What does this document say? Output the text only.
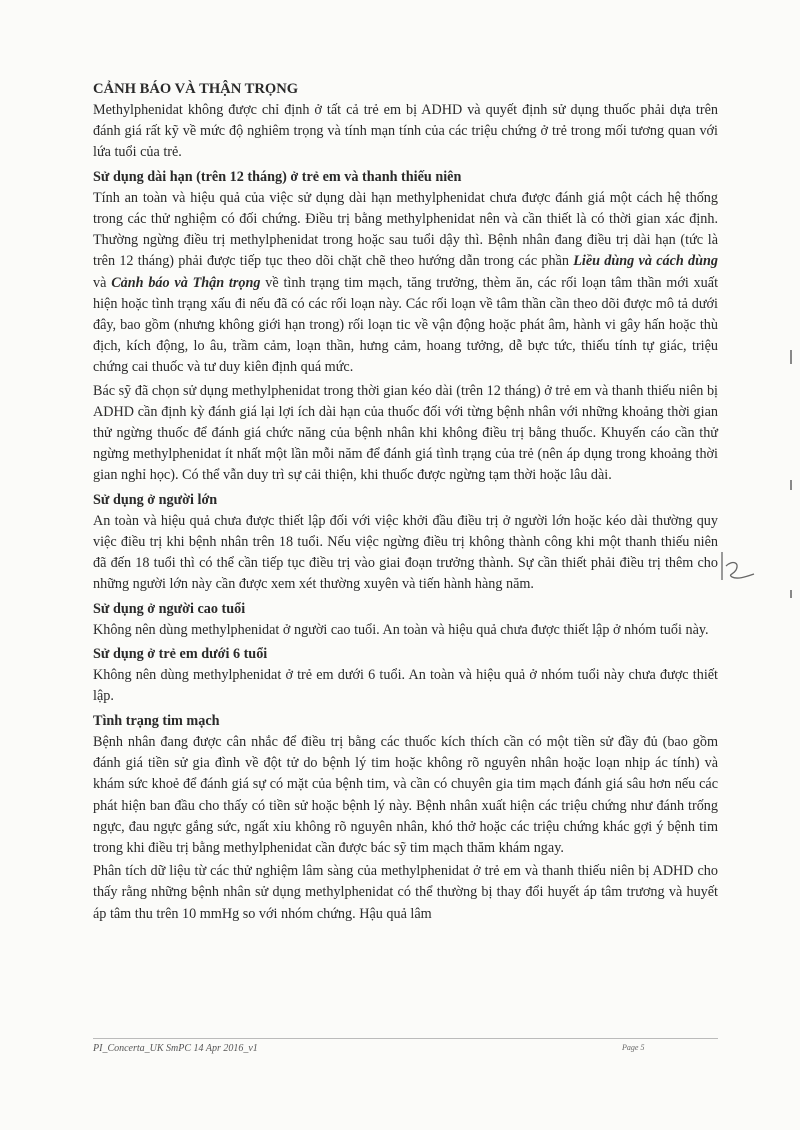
CẢNH BÁO VÀ THẬN TRỌNG

Methylphenidat không được chỉ định ở tất cả trẻ em bị ADHD và quyết định sử dụng thuốc phải dựa trên đánh giá rất kỹ về mức độ nghiêm trọng và tính mạn tính của các triệu chứng ở trẻ trong mối tương quan với lứa tuổi của trẻ.

Sử dụng dài hạn (trên 12 tháng) ở trẻ em và thanh thiếu niên

Tính an toàn và hiệu quả của việc sử dụng dài hạn methylphenidat chưa được đánh giá một cách hệ thống trong các thử nghiệm có đối chứng. Điều trị bằng methylphenidat nên và cần thiết là có thời gian xác định. Thường ngừng điều trị methylphenidat trong hoặc sau tuổi dậy thì. Bệnh nhân đang điều trị dài hạn (tức là trên 12 tháng) phải được tiếp tục theo dõi chặt chẽ theo hướng dẫn trong các phần Liều dùng và cách dùng và Cảnh báo và Thận trọng về tình trạng tim mạch, tăng trưởng, thèm ăn, các rối loạn tâm thần mới xuất hiện hoặc tình trạng xấu đi nếu đã có các rối loạn này. Các rối loạn về tâm thần cần theo dõi được mô tả dưới đây, bao gồm (nhưng không giới hạn trong) rối loạn tic về vận động hoặc phát âm, hành vi gây hấn hoặc thù địch, kích động, lo âu, trầm cảm, loạn thần, hưng cảm, hoang tưởng, dễ bực tức, thiếu tính tự giác, triệu chứng cai thuốc và tư duy kiên định quá mức.

Bác sỹ đã chọn sử dụng methylphenidat trong thời gian kéo dài (trên 12 tháng) ở trẻ em và thanh thiếu niên bị ADHD cần định kỳ đánh giá lại lợi ích dài hạn của thuốc đối với từng bệnh nhân với những khoảng thời gian thử ngừng thuốc để đánh giá chức năng của bệnh nhân khi không điều trị bằng thuốc. Khuyến cáo cần thử ngừng methylphenidat ít nhất một lần mỗi năm để đánh giá tình trạng của trẻ (nên áp dụng trong khoảng thời gian nghỉ học). Có thể vẫn duy trì sự cải thiện, khi thuốc được ngừng tạm thời hoặc lâu dài.

Sử dụng ở người lớn

An toàn và hiệu quả chưa được thiết lập đối với việc khởi đầu điều trị ở người lớn hoặc kéo dài thường quy việc điều trị khi bệnh nhân trên 18 tuổi. Nếu việc ngừng điều trị không thành công khi một thanh thiếu niên đã đến 18 tuổi thì có thể cần tiếp tục điều trị vào giai đoạn trưởng thành. Sự cần thiết phải điều trị thêm cho những người lớn này cần được xem xét thường xuyên và tiến hành hàng năm.

Sử dụng ở người cao tuổi

Không nên dùng methylphenidat ở người cao tuổi. An toàn và hiệu quả chưa được thiết lập ở nhóm tuổi này.

Sử dụng ở trẻ em dưới 6 tuổi

Không nên dùng methylphenidat ở trẻ em dưới 6 tuổi. An toàn và hiệu quả ở nhóm tuổi này chưa được thiết lập.

Tình trạng tim mạch

Bệnh nhân đang được cân nhắc để điều trị bằng các thuốc kích thích cần có một tiền sử đầy đủ (bao gồm đánh giá tiền sử gia đình về đột tử do bệnh lý tim hoặc không rõ nguyên nhân hoặc loạn nhịp ác tính) và khám sức khoẻ để đánh giá sự có mặt của bệnh tim, và cần có chuyên gia tim mạch đánh giá sâu hơn nếu các phát hiện ban đầu cho thấy có tiền sử hoặc bệnh lý này. Bệnh nhân xuất hiện các triệu chứng như đánh trống ngực, đau ngực gắng sức, ngất xỉu không rõ nguyên nhân, khó thở hoặc các triệu chứng khác gợi ý bệnh tim trong khi điều trị bằng methylphenidat cần được bác sỹ tim mạch thăm khám ngay.

Phân tích dữ liệu từ các thử nghiệm lâm sàng của methylphenidat ở trẻ em và thanh thiếu niên bị ADHD cho thấy rằng những bệnh nhân sử dụng methylphenidat có thể thường bị thay đổi huyết áp tâm trương và huyết áp tâm thu trên 10 mmHg so với nhóm chứng. Hậu quả lâm

PI_Concerta_UK SmPC 14 Apr 2016_v1	Page 5
